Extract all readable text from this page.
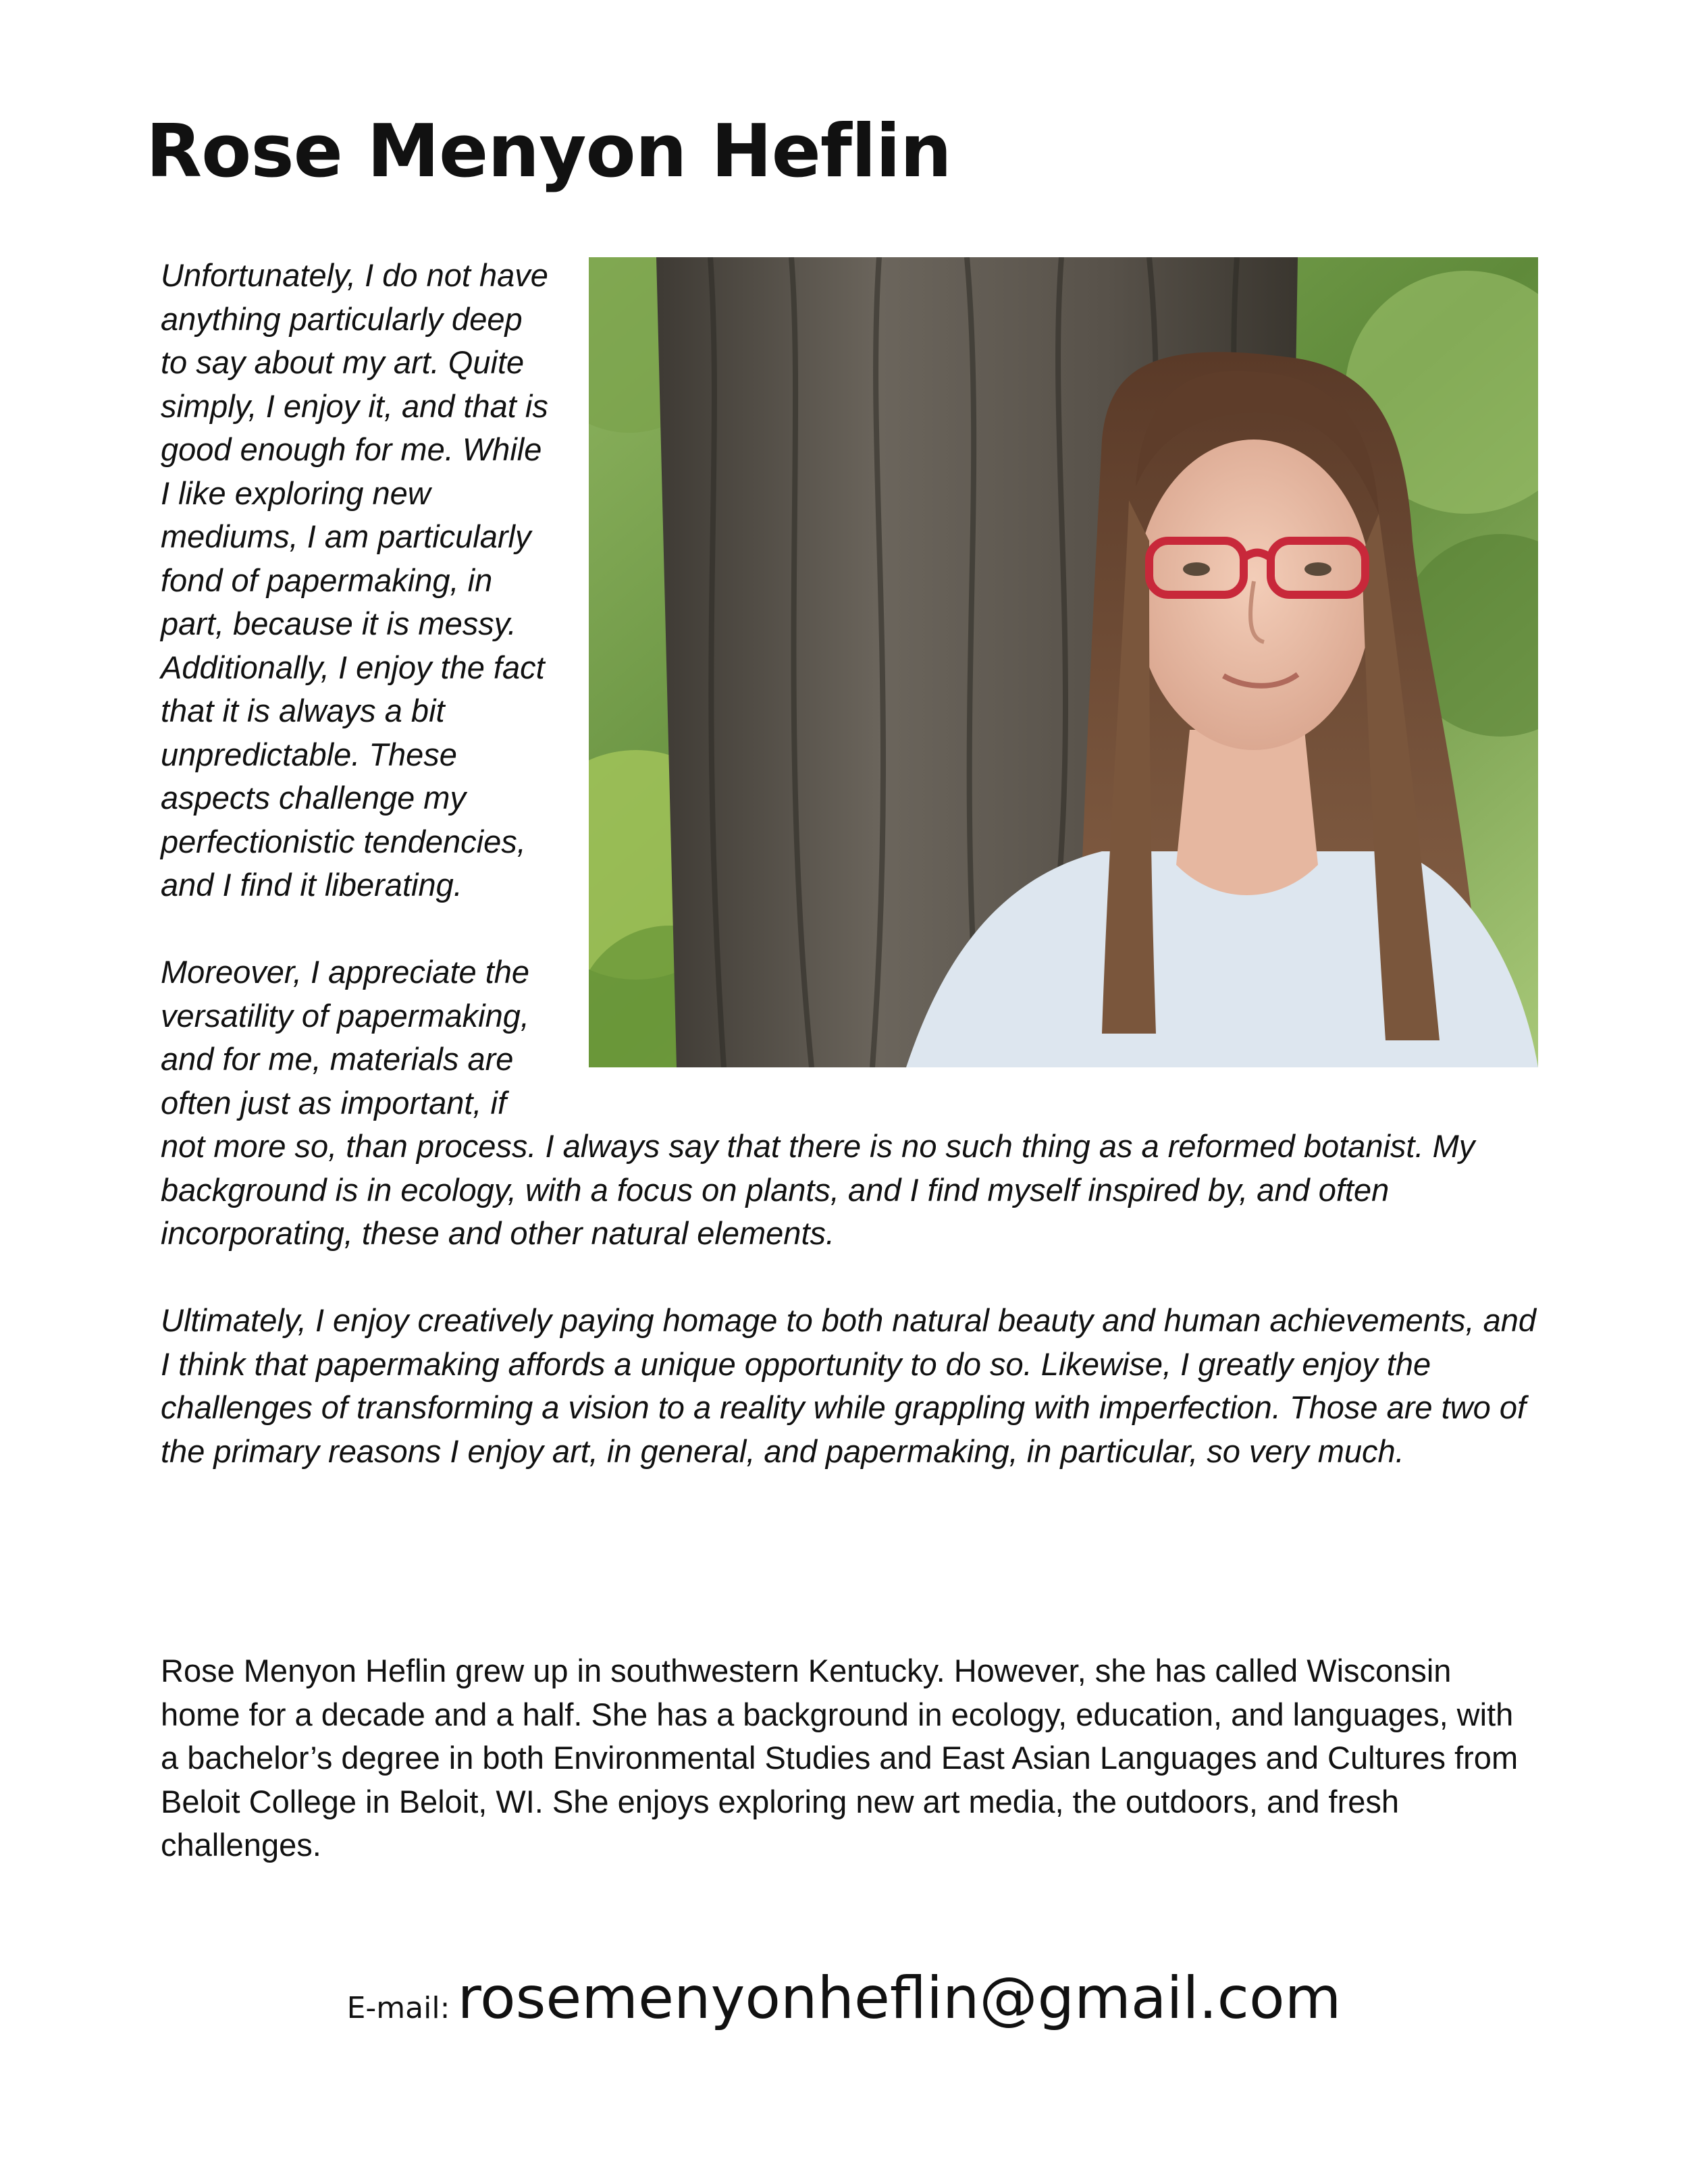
Rose Menyon Heflin

Unfortunately, I do not have anything particularly deep to say about my art. Quite simply, I enjoy it, and that is good enough for me. While I like exploring new mediums, I am particularly fond of papermaking, in part, because it is messy. Additionally, I enjoy the fact that it is always a bit unpredictable. These aspects challenge my perfectionistic tendencies, and I find it liberating.

Moreover, I appreciate the versatility of papermaking, and for me, materials are often just as important, if not more so, than process. I always say that there is no such thing as a reformed botanist. My background is in ecology, with a focus on plants, and I find myself inspired by, and often incorporating, these and other natural elements.

Ultimately, I enjoy creatively paying homage to both natural beauty and human achievements, and I think that papermaking affords a unique opportunity to do so. Likewise, I greatly enjoy the challenges of transforming a vision to a reality while grappling with imperfection. Those are two of the primary reasons I enjoy art, in general, and papermaking, in particular, so very much.

Rose Menyon Heflin grew up in southwestern Kentucky. However, she has called Wisconsin home for a decade and a half. She has a background in ecology, education, and languages, with a bachelor’s degree in both Environmental Studies and East Asian Languages and Cultures from Beloit College in Beloit, WI. She enjoys exploring new art media, the outdoors, and fresh challenges.

E-mail: rosemenyonheflin@gmail.com
